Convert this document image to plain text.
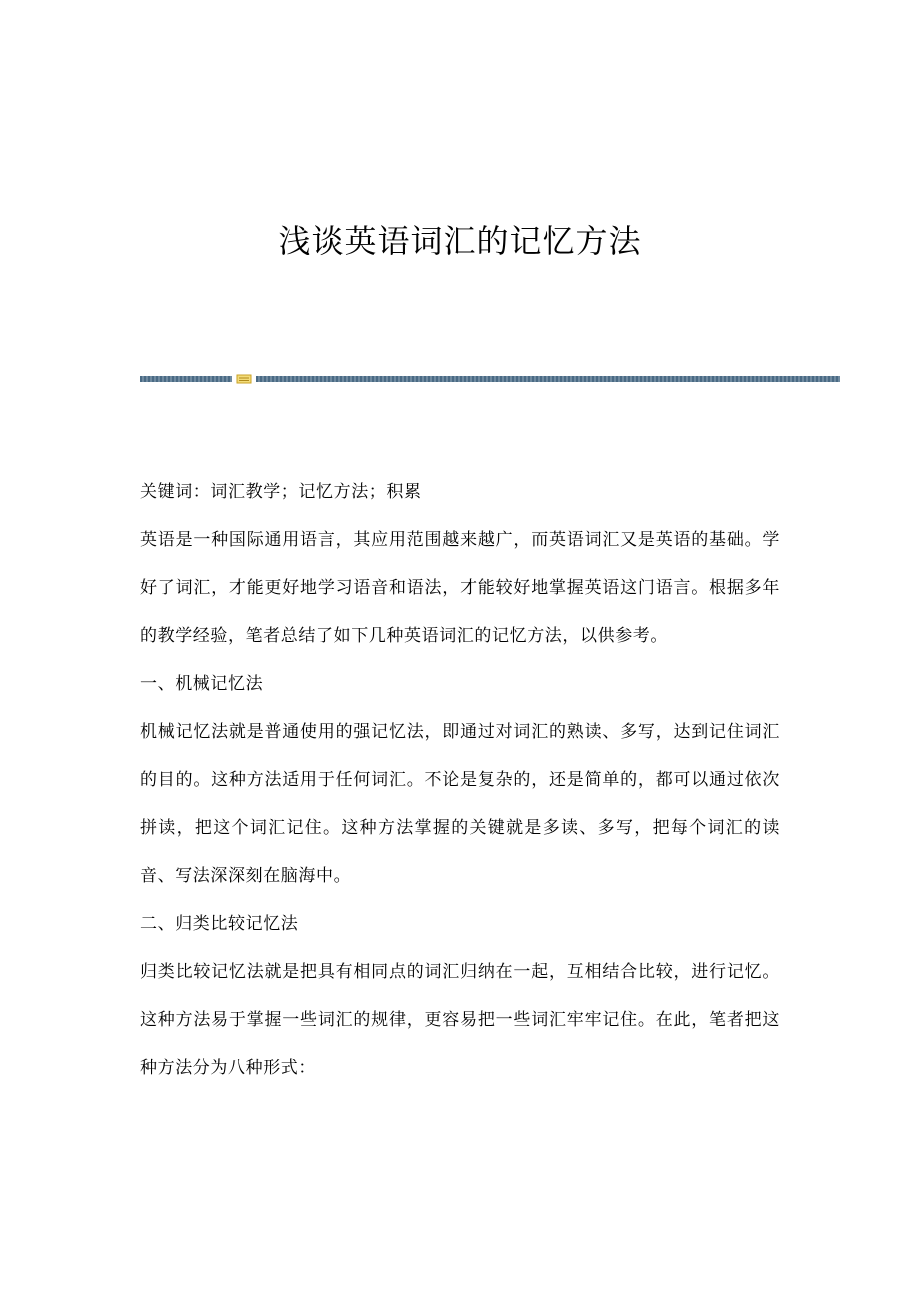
浅谈英语词汇的记忆方法

关键词：词汇教学；记忆方法；积累

英语是一种国际通用语言，其应用范围越来越广，而英语词汇又是英语的基础。学好了词汇，才能更好地学习语音和语法，才能较好地掌握英语这门语言。根据多年的教学经验，笔者总结了如下几种英语词汇的记忆方法，以供参考。

一、机械记忆法

机械记忆法就是普通使用的强记忆法，即通过对词汇的熟读、多写，达到记住词汇的目的。这种方法适用于任何词汇。不论是复杂的，还是简单的，都可以通过依次拼读，把这个词汇记住。这种方法掌握的关键就是多读、多写，把每个词汇的读音、写法深深刻在脑海中。

二、归类比较记忆法

归类比较记忆法就是把具有相同点的词汇归纳在一起，互相结合比较，进行记忆。这种方法易于掌握一些词汇的规律，更容易把一些词汇牢牢记住。在此，笔者把这种方法分为八种形式：
